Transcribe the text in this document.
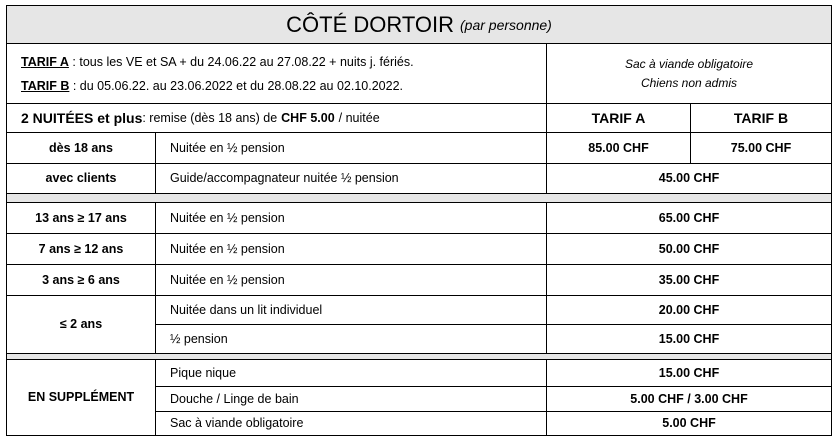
CÔTÉ DORTOIR (par personne)
TARIF A : tous les VE et SA + du 24.06.22 au 27.08.22 + nuits j. fériés.
TARIF B : du 05.06.22. au 23.06.2022 et du 28.08.22 au 02.10.2022.
Sac à viande obligatoire
Chiens non admis
2 NUITÉES et plus : remise (dès 18 ans) de CHF 5.00 / nuitée	TARIF A	TARIF B
dès 18 ans	Nuitée en ½ pension	85.00 CHF	75.00 CHF
avec clients	Guide/accompagnateur nuitée ½ pension	45.00 CHF
13 ans ≥ 17 ans	Nuitée en ½ pension	65.00 CHF
7 ans ≥ 12 ans	Nuitée en ½ pension	50.00 CHF
3 ans ≥ 6 ans	Nuitée en ½ pension	35.00 CHF
≤ 2 ans
Nuitée dans un lit individuel	20.00 CHF
½ pension	15.00 CHF
EN SUPPLÉMENT
Pique nique	15.00 CHF
Douche / Linge de bain	5.00 CHF / 3.00 CHF
Sac à viande obligatoire	5.00 CHF
